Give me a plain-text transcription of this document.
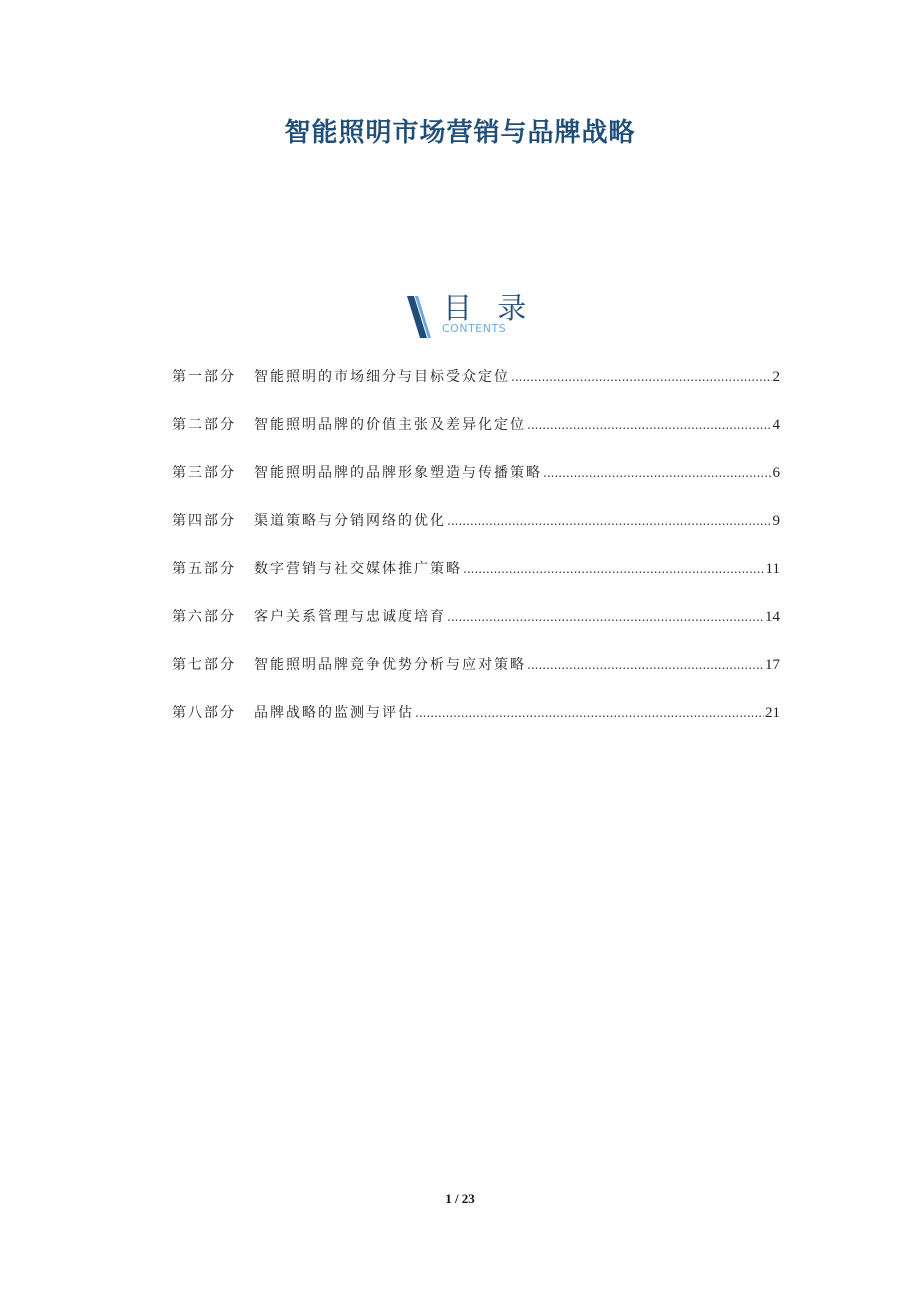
智能照明市场营销与品牌战略
目 录
CONTENTS
第一部分	智能照明的市场细分与目标受众定位 .....	2
第二部分	智能照明品牌的价值主张及差异化定位 .....	4
第三部分	智能照明品牌的品牌形象塑造与传播策略 .....	6
第四部分	渠道策略与分销网络的优化 .....	9
第五部分	数字营销与社交媒体推广策略 .....	11
第六部分	客户关系管理与忠诚度培育 .....	14
第七部分	智能照明品牌竞争优势分析与应对策略 .....	17
第八部分	品牌战略的监测与评估 .....	21
1 / 23
